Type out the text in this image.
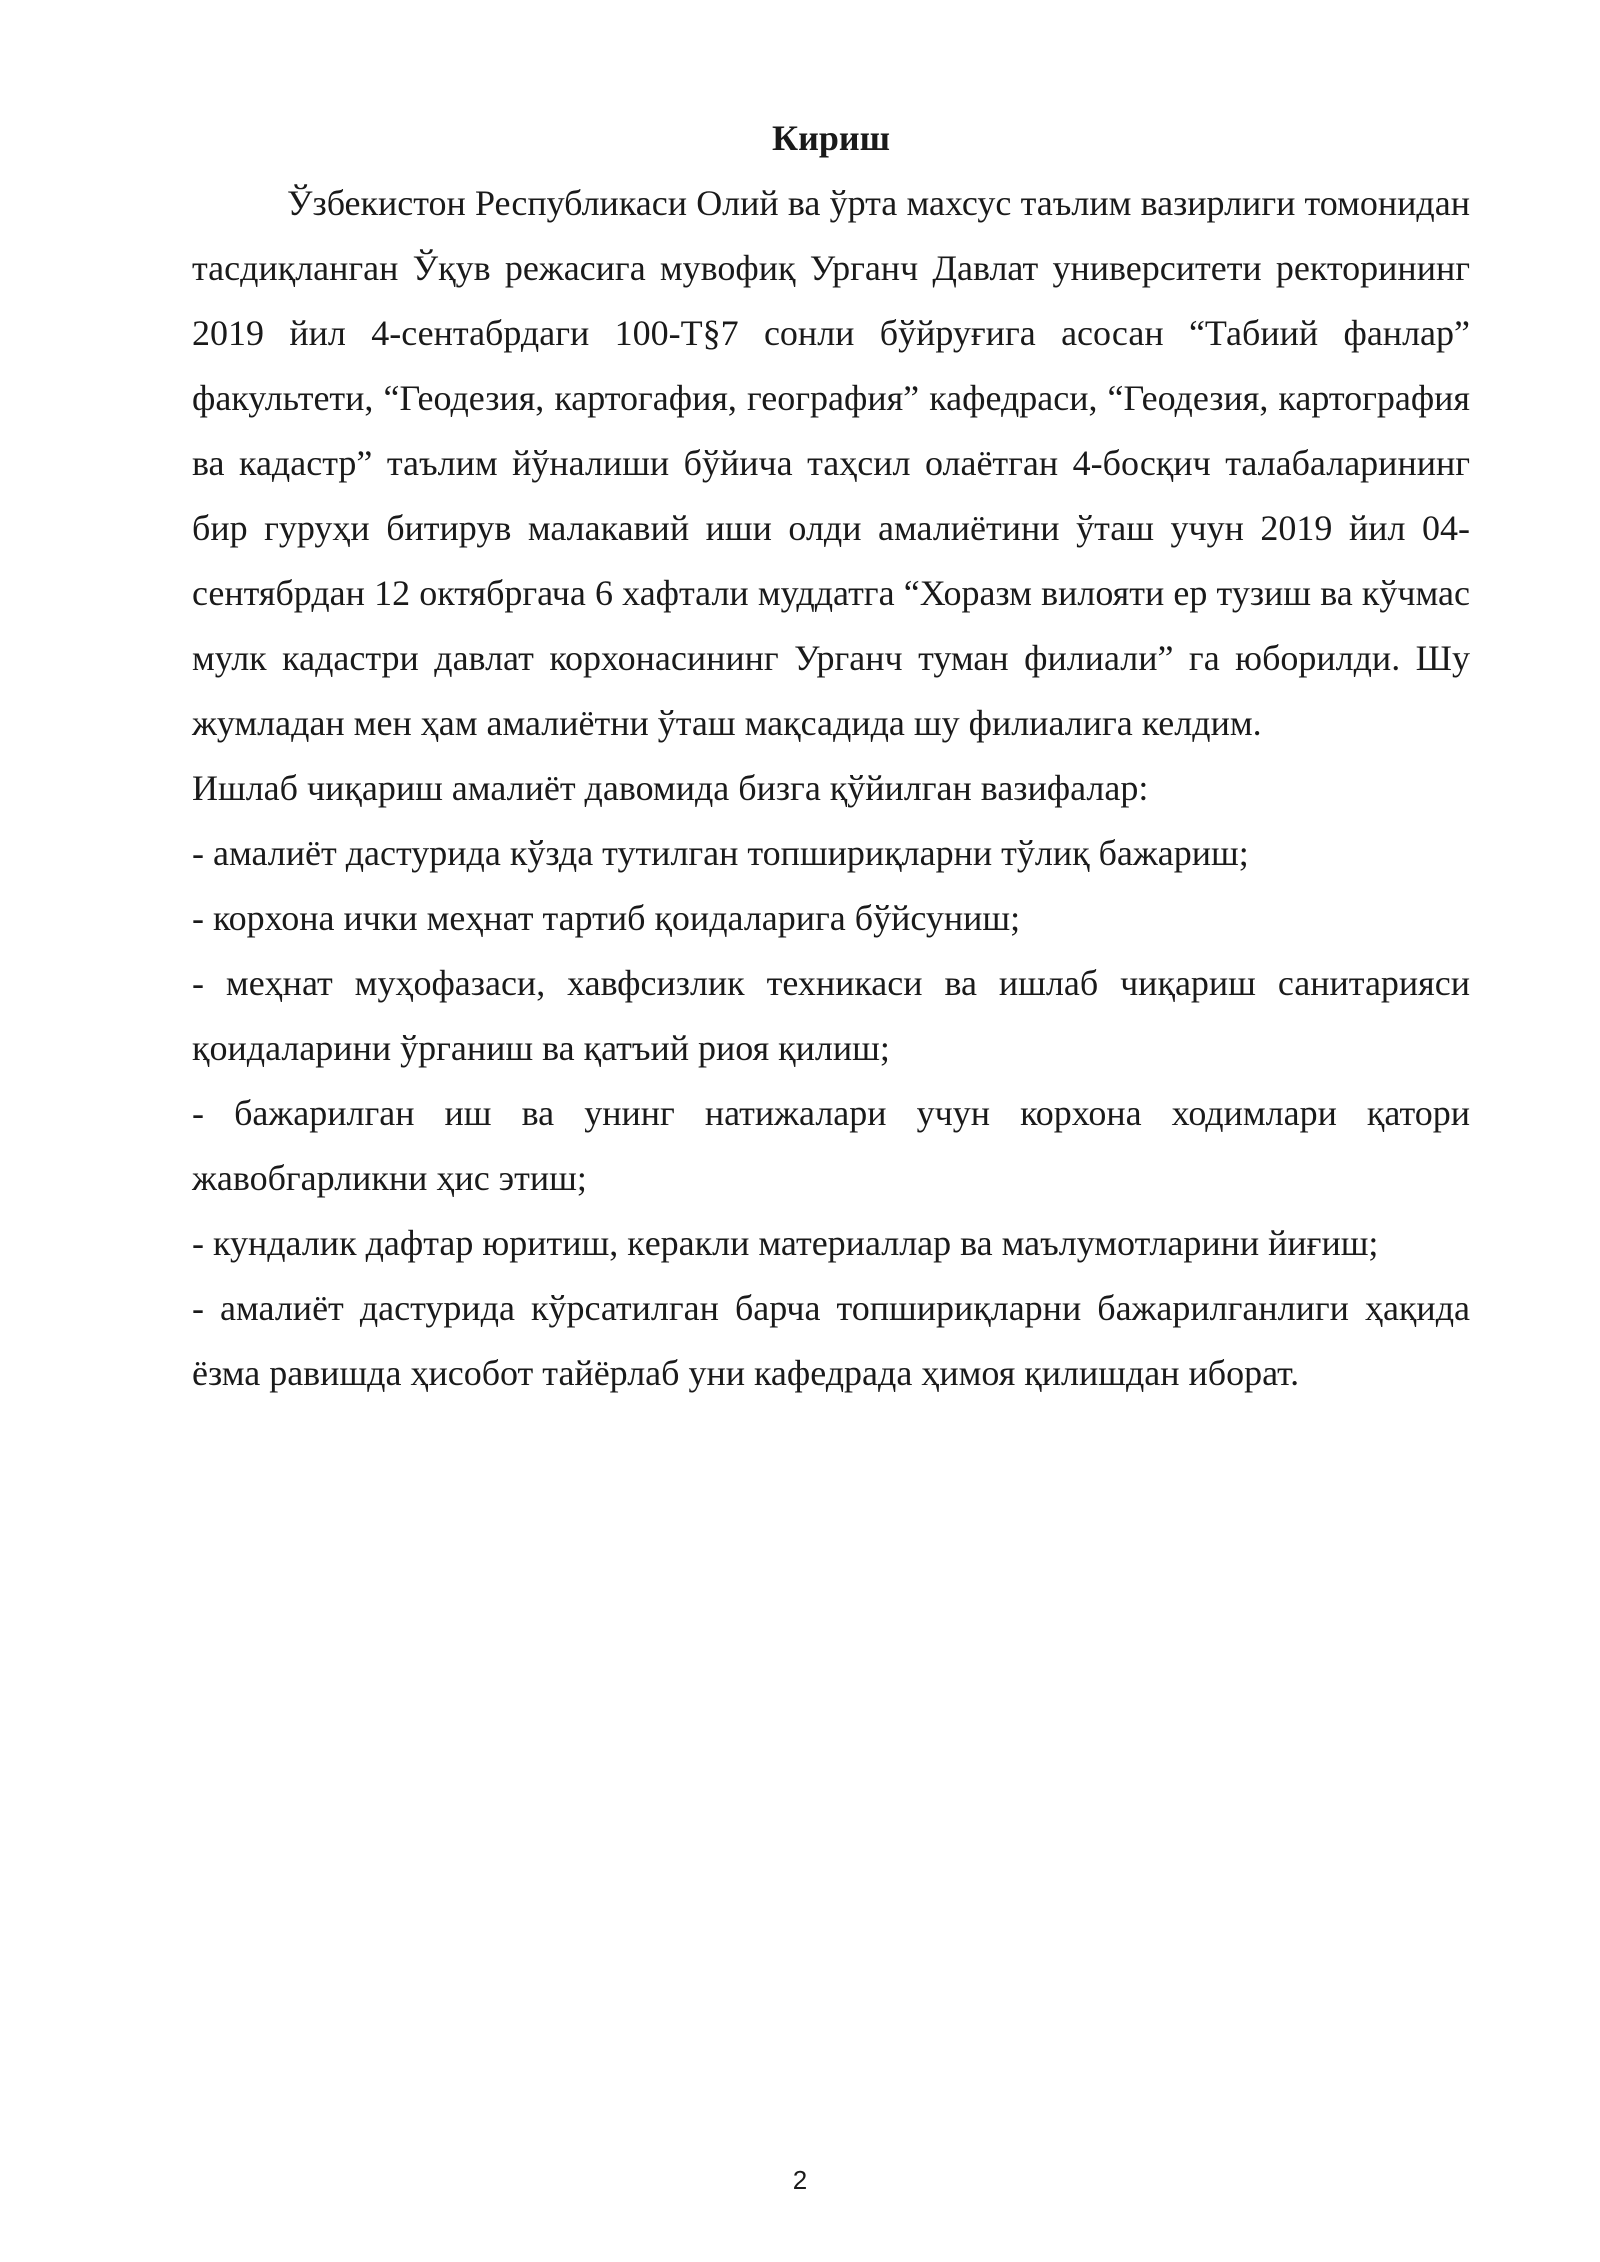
Кириш

Ўзбекистон Республикаси Олий ва ўрта махсус таълим вазирлиги томонидан тасдиқланган Ўқув режасига мувофиқ Урганч Давлат университети ректорининг 2019 йил 4-сентабрдаги 100-Т§7 сонли бўйруғига асосан “Табиий фанлар” факультети, “Геодезия, картогафия, география” кафедраси, “Геодезия, картография ва кадастр” таълим йўналиши бўйича таҳсил олаётган 4-босқич талабаларининг бир гуруҳи битирув малакавий иши олди амалиётини ўташ учун 2019 йил 04-сентябрдан 12 октябргача 6 хафтали муддатга “Хоразм вилояти ер тузиш ва кўчмас мулк кадастри давлат корхонасининг Урганч туман филиали” га юборилди. Шу жумладан мен ҳам амалиётни ўташ мақсадида шу филиалига келдим.

Ишлаб чиқариш амалиёт давомида бизга қўйилган вазифалар:

- амалиёт дастурида кўзда тутилган топшириқларни тўлиқ бажариш;

- корхона ички меҳнат тартиб қоидаларига бўйсуниш;

- меҳнат муҳофазаси, хавфсизлик техникаси ва ишлаб чиқариш санитарияси қоидаларини ўрганиш ва қатъий риоя қилиш;

- бажарилган иш ва унинг натижалари учун корхона ходимлари қатори жавобгарликни ҳис этиш;

- кундалик дафтар юритиш, кeракли материаллар ва маълумотларини йиғиш;

- амалиёт дастурида кўрсатилган барча топшириқларни бажарилганлиги ҳақида ёзма равишда ҳисобот тайёрлаб уни кафедрада ҳимоя қилишдан иборат.

2
